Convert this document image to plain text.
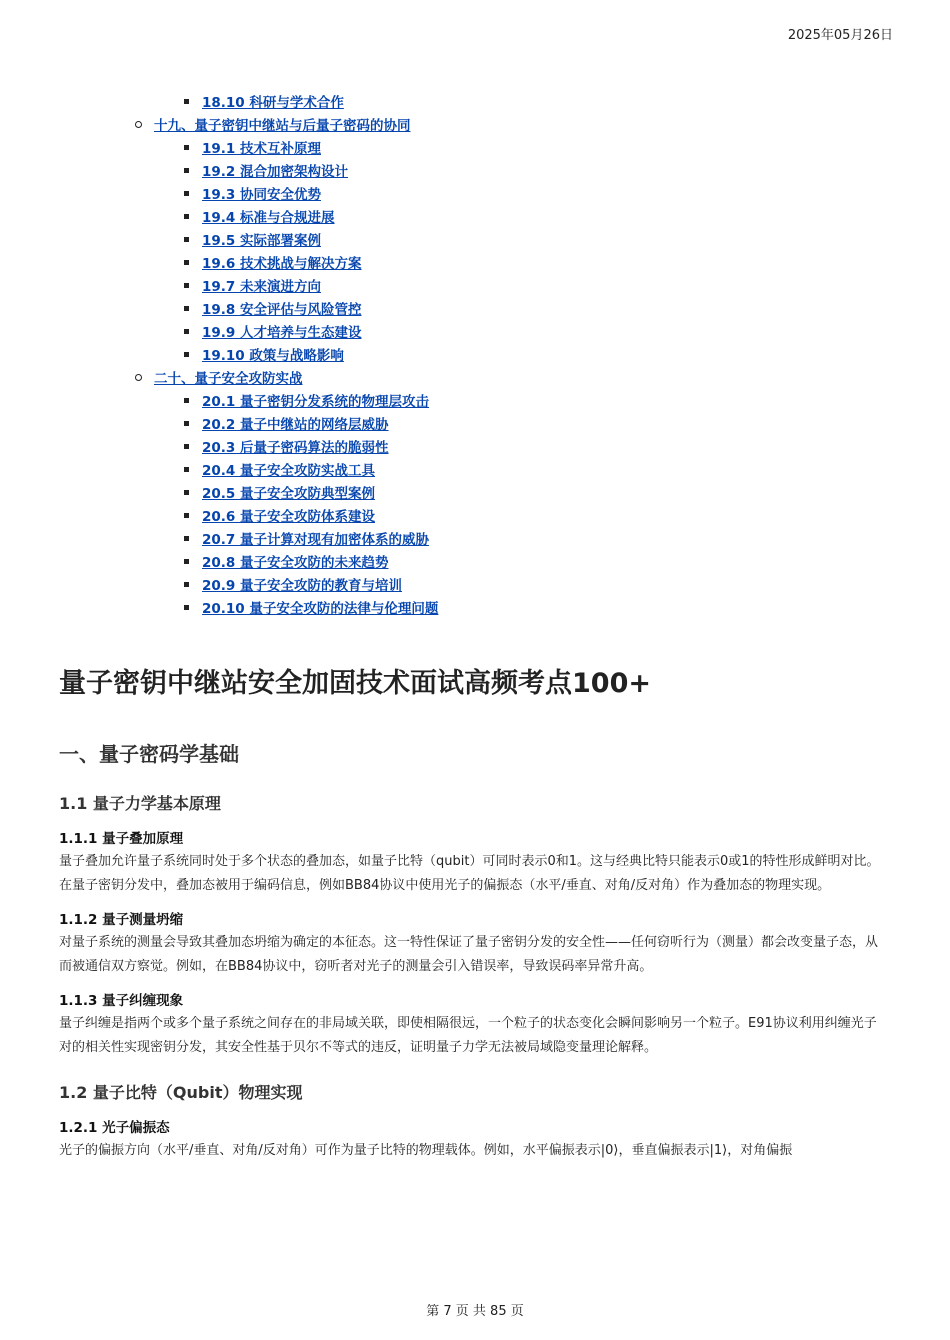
2025年05月26日
18.10 科研与学术合作
十九、量子密钥中继站与后量子密码的协同
19.1 技术互补原理
19.2 混合加密架构设计
19.3 协同安全优势
19.4 标准与合规进展
19.5 实际部署案例
19.6 技术挑战与解决方案
19.7 未来演进方向
19.8 安全评估与风险管控
19.9 人才培养与生态建设
19.10 政策与战略影响
二十、量子安全攻防实战
20.1 量子密钥分发系统的物理层攻击
20.2 量子中继站的网络层威胁
20.3 后量子密码算法的脆弱性
20.4 量子安全攻防实战工具
20.5 量子安全攻防典型案例
20.6 量子安全攻防体系建设
20.7 量子计算对现有加密体系的威胁
20.8 量子安全攻防的未来趋势
20.9 量子安全攻防的教育与培训
20.10 量子安全攻防的法律与伦理问题
量子密钥中继站安全加固技术面试高频考点100+
一、量子密码学基础
1.1 量子力学基本原理
1.1.1 量子叠加原理

量子叠加允许量子系统同时处于多个状态的叠加态，如量子比特（qubit）可同时表示0和1。这与经典比特只能表示0或1的特性形成鲜明对比。在量子密钥分发中，叠加态被用于编码信息，例如BB84协议中使用光子的偏振态（水平/垂直、对角/反对角）作为叠加态的物理实现。

1.1.2 量子测量坍缩

对量子系统的测量会导致其叠加态坍缩为确定的本征态。这一特性保证了量子密钥分发的安全性——任何窃听行为（测量）都会改变量子态，从而被通信双方察觉。例如，在BB84协议中，窃听者对光子的测量会引入错误率，导致误码率异常升高。

1.1.3 量子纠缠现象

量子纠缠是指两个或多个量子系统之间存在的非局域关联，即使相隔很远，一个粒子的状态变化会瞬间影响另一个粒子。E91协议利用纠缠光子对的相关性实现密钥分发，其安全性基于贝尔不等式的违反，证明量子力学无法被局域隐变量理论解释。

1.2 量子比特（Qubit）物理实现
1.2.1 光子偏振态

光子的偏振方向（水平/垂直、对角/反对角）可作为量子比特的物理载体。例如，水平偏振表示|0⟩，垂直偏振表示|1⟩，对角偏振

第 7 页 共 85 页
